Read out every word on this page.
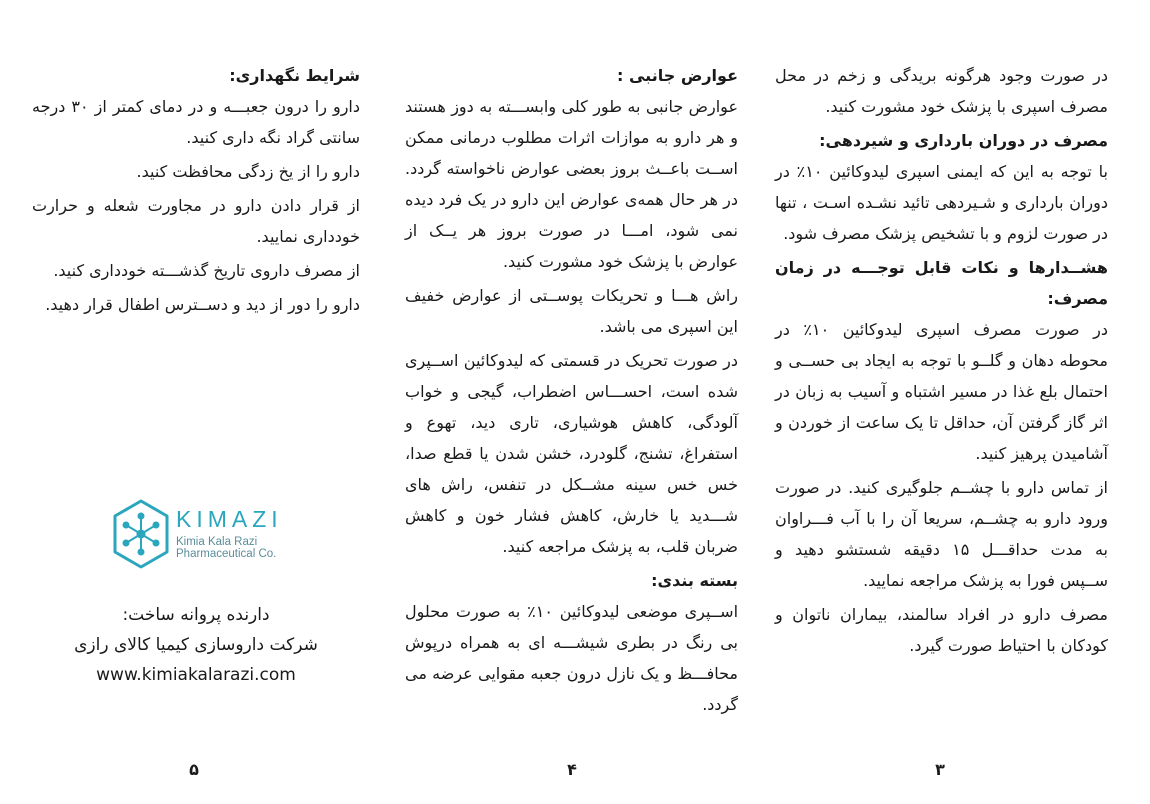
در صورت وجود هرگونه بریدگی و زخم در محل مصرف اسپری با پزشک خود مشورت کنید.

مصرف در دوران بارداری و شیردهی:

با توجه به این که ایمنی اسپری لیدوکائین ۱۰٪ در دوران بارداری و شـیردهی تائید نشـده اسـت ، تنها در صورت لزوم و با تشخیص پزشک مصرف شود.

هشــدارها و نکات قابل توجـــه در زمان مصرف:

در صورت مصرف اسپری لیدوکائین ۱۰٪ در محوطه دهان و گلــو با توجه به ایجاد بی حســی و احتمال بلع غذا در مسیر اشتباه و آسیب به زبان در اثر گاز گرفتن آن، حداقل تا یک ساعت از خوردن و آشامیدن پرهیز کنید.

از تماس دارو با چشــم جلوگیری کنید. در صورت ورود دارو به چشــم، سریعا آن را با آب فـــراوان به مدت حداقـــل ۱۵ دقیقه شستشو دهید و ســپس فورا به پزشک مراجعه نمایید.

مصرف دارو در افراد سالمند، بیماران ناتوان و کودکان با احتیاط صورت گیرد.

عوارض جانبی :

عوارض جانبی به طور کلی وابســـته به دوز هستند و هر دارو به موازات اثرات مطلوب درمانی ممکن اســت باعــث بروز بعضی عوارض ناخواسته گردد. در هر حال همه‌ی عوارض این دارو در یک فرد دیده نمی شود، امـــا در صورت بروز هر یــک از عوارض با پزشک خود مشورت کنید.

راش هـــا و تحریکات پوســتی از عوارض خفیف این اسپری می باشد.

در صورت تحریک در قسمتی که لیدوکائین اســپری شده است، احســـاس اضطراب، گیجی و خواب آلودگی، کاهش هوشیاری، تاری دید، تهوع و استفراغ، تشنج، گلودرد، خشن شدن یا قطع صدا، خس خس سینه مشــکل در تنفس، راش های شـــدید یا خارش، کاهش فشار خون و کاهش ضربان قلب، به پزشک مراجعه کنید.

بسته بندی:

اســپری موضعی لیدوکائین ۱۰٪ به صورت محلول بی رنگ در بطری شیشـــه ای به همراه درپوش محافـــظ و یک نازل درون جعبه مقوایی عرضه می گردد.

شرایط نگهداری:

دارو را درون جعبـــه و در دمای کمتر از ۳۰ درجه سانتی گراد نگه داری کنید.

دارو را از یخ زدگی محافظت کنید.

از قرار دادن دارو در مجاورت شعله و حرارت خودداری نمایید.

از مصرف داروی تاریخ گذشـــته خودداری کنید.

دارو را دور از دید و دســترس اطفال قرار دهید.

KIMAZI
Kimia Kala Razi
Pharmaceutical Co.
دارنده پروانه ساخت:
شرکت داروسازی کیمیا کالای رازی
www.kimiakalarazi.com
۳
۴
۵
